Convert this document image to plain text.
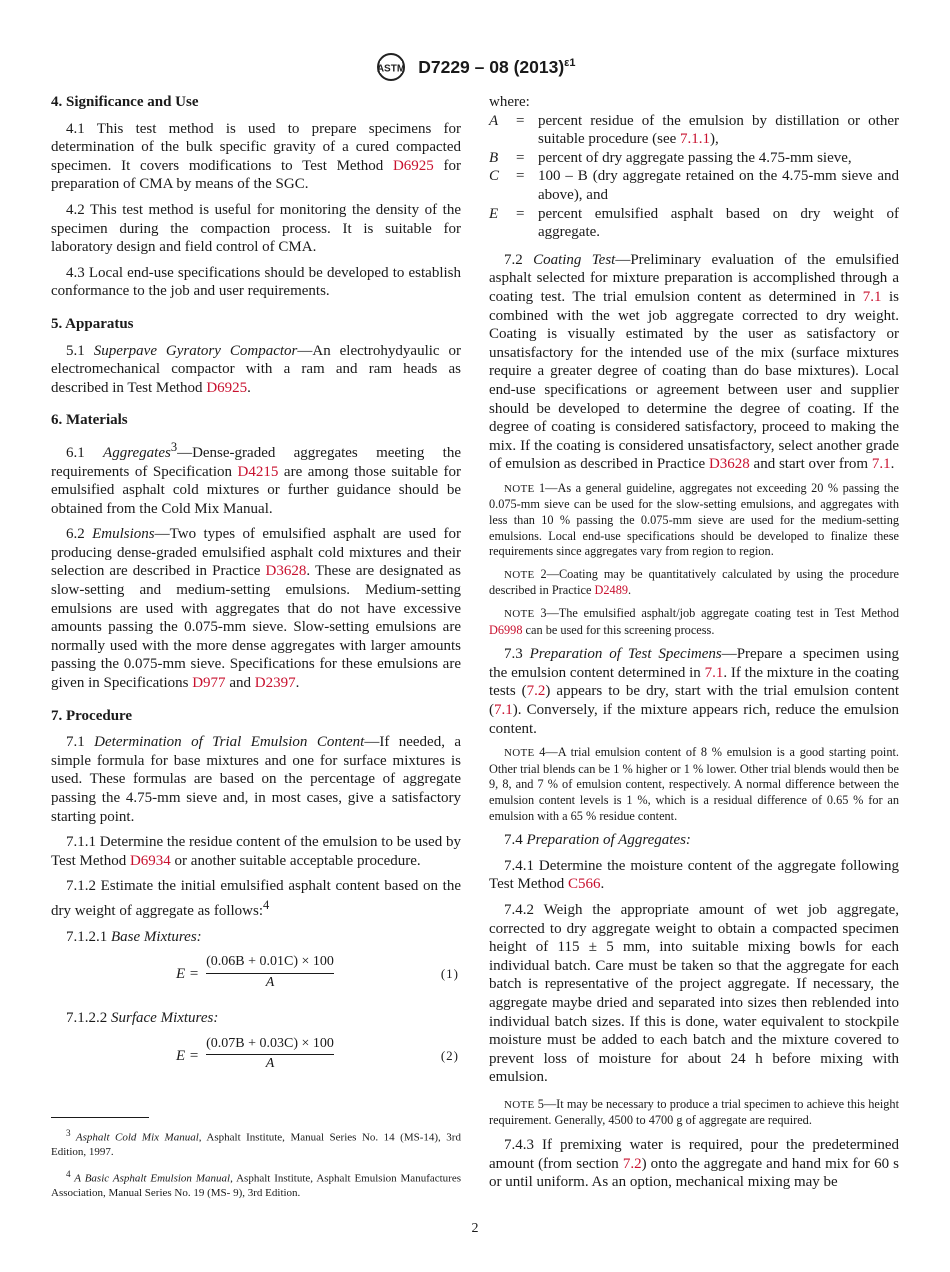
ASTM D7229 – 08 $(2013)^{\varepsilon 1}$
4. Significance and Use

4.1 This test method is used to prepare specimens for determination of the bulk specific gravity of a cured compacted specimen. It covers modifications to Test Method D6925 for preparation of CMA by means of the SGC.

4.2 This test method is useful for monitoring the density of the specimen during the compaction process. It is suitable for laboratory design and field control of CMA.

4.3 Local end-use specifications should be developed to establish conformance to the job and user requirements.

5. Apparatus

5.1 Superpave Gyratory Compactor—An electrohydyaulic or electromechanical compactor with a ram and ram heads as described in Test Method D6925.

6. Materials

6.1 Aggregates$^3$—Dense-graded aggregates meeting the requirements of Specification D4215 are among those suitable for emulsified asphalt cold mixtures or further guidance should be obtained from the Cold Mix Manual.

6.2 Emulsions—Two types of emulsified asphalt are used for producing dense-graded emulsified asphalt cold mixtures and their selection are described in Practice D3628. These are designated as slow-setting and medium-setting emulsions. Medium-setting emulsions are used with aggregates that do not have excessive amounts passing the 0.075-mm sieve. Slow-setting emulsions are normally used with the more dense aggregates with larger amounts passing the 0.075-mm sieve. Specifications for these emulsions are given in Specifications D977 and D2397.

7. Procedure

7.1 Determination of Trial Emulsion Content—If needed, a simple formula for base mixtures and one for surface mixtures is used. These formulas are based on the percentage of aggregate passing the 4.75-mm sieve and, in most cases, give a satisfactory starting point.

7.1.1 Determine the residue content of the emulsion to be used by Test Method D6934 or another suitable acceptable procedure.

7.1.2 Estimate the initial emulsified asphalt content based on the dry weight of aggregate as follows:$^4$

7.1.2.1 Base Mixtures:

$E = \frac{(0.06B + 0.01C) \times 100}{A}$	(1)

7.1.2.2 Surface Mixtures:

$E = \frac{(0.07B + 0.03C) \times 100}{A}$	(2)

$^3$ Asphalt Cold Mix Manual, Asphalt Institute, Manual Series No. 14 (MS-14), 3rd Edition, 1997.

$^4$ A Basic Asphalt Emulsion Manual, Asphalt Institute, Asphalt Emulsion Manufactures Association, Manual Series No. 19 (MS- 9), 3rd Edition.

where:
A	= percent residue of the emulsion by distillation or other suitable procedure (see 7.1.1),
B	= percent of dry aggregate passing the 4.75-mm sieve,
C	= 100 – B (dry aggregate retained on the 4.75-mm sieve and above), and
E	= percent emulsified asphalt based on dry weight of aggregate.

7.2 Coating Test—Preliminary evaluation of the emulsified asphalt selected for mixture preparation is accomplished through a coating test. The trial emulsion content as determined in 7.1 is combined with the wet job aggregate corrected to dry weight. Coating is visually estimated by the user as satisfactory or unsatisfactory for the intended use of the mix (surface mixtures require a greater degree of coating than do base mixtures). Local end-use specifications or agreement between user and supplier should be developed to determine the degree of coating. If the degree of coating is considered satisfactory, proceed to making the mix. If the coating is considered unsatisfactory, select another grade of emulsion as described in Practice D3628 and start over from 7.1.

NOTE 1—As a general guideline, aggregates not exceeding 20 % passing the 0.075-mm sieve can be used for the slow-setting emulsions, and aggregates with less than 10 % passing the 0.075-mm sieve are used for the medium-setting emulsions. Local end-use specifications should be developed to finalize these requirements since aggregates vary from region to region.

NOTE 2—Coating may be quantitatively calculated by using the procedure described in Practice D2489.

NOTE 3—The emulsified asphalt/job aggregate coating test in Test Method D6998 can be used for this screening process.

7.3 Preparation of Test Specimens—Prepare a specimen using the emulsion content determined in 7.1. If the mixture in the coating tests (7.2) appears to be dry, start with the trial emulsion content (7.1). Conversely, if the mixture appears rich, reduce the emulsion content.

NOTE 4—A trial emulsion content of 8 % emulsion is a good starting point. Other trial blends can be 1 % higher or 1 % lower. Other trial blends would then be 9, 8, and 7 % of emulsion content, respectively. A normal difference between the emulsion content levels is 1 %, which is a residual difference of 0.65 % for an emulsion with a 65 % residue content.

7.4 Preparation of Aggregates:

7.4.1 Determine the moisture content of the aggregate following Test Method C566.

7.4.2 Weigh the appropriate amount of wet job aggregate, corrected to dry aggregate weight to obtain a compacted specimen height of 115 ± 5 mm, into suitable mixing bowls for each individual batch. Care must be taken so that the aggregate for each batch is representative of the project aggregate. If necessary, the aggregate maybe dried and separated into sizes then reblended into individual batch sizes. If this is done, water equivalent to stockpile moisture must be added to each batch and the mixture covered to prevent loss of moisture for about 24 h before mixing with emulsion.

NOTE 5—It may be necessary to produce a trial specimen to achieve this height requirement. Generally, 4500 to 4700 g of aggregate are required.

7.4.3 If premixing water is required, pour the predetermined amount (from section 7.2) onto the aggregate and hand mix for 60 s or until uniform. As an option, mechanical mixing may be

2
